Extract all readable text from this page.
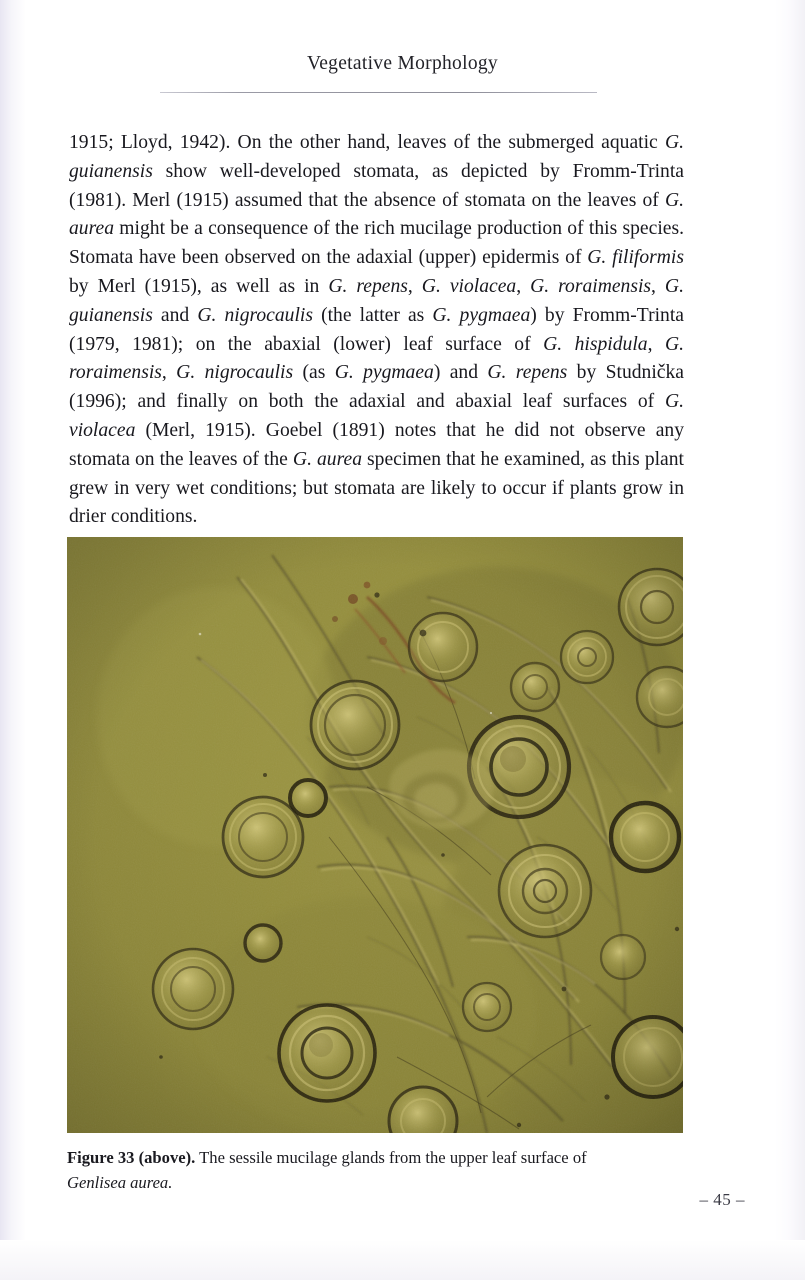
Vegetative Morphology
1915; Lloyd, 1942). On the other hand, leaves of the submerged aquatic G. guianensis show well-developed stomata, as depicted by Fromm-Trinta (1981). Merl (1915) assumed that the absence of stomata on the leaves of G. aurea might be a consequence of the rich mucilage production of this species. Stomata have been observed on the adaxial (upper) epidermis of G. filiformis by Merl (1915), as well as in G. repens, G. violacea, G. roraimensis, G. guianensis and G. nigrocaulis (the latter as G. pygmaea) by Fromm-Trinta (1979, 1981); on the abaxial (lower) leaf surface of G. hispidula, G. roraimensis, G. nigrocaulis (as G. pygmaea) and G. repens by Studnička (1996); and finally on both the adaxial and abaxial leaf surfaces of G. violacea (Merl, 1915). Goebel (1891) notes that he did not observe any stomata on the leaves of the G. aurea specimen that he examined, as this plant grew in very wet conditions; but stomata are likely to occur if plants grow in drier conditions.
Figure 33 (above). The sessile mucilage glands from the upper leaf surface of
Genlisea aurea.
– 45 –
